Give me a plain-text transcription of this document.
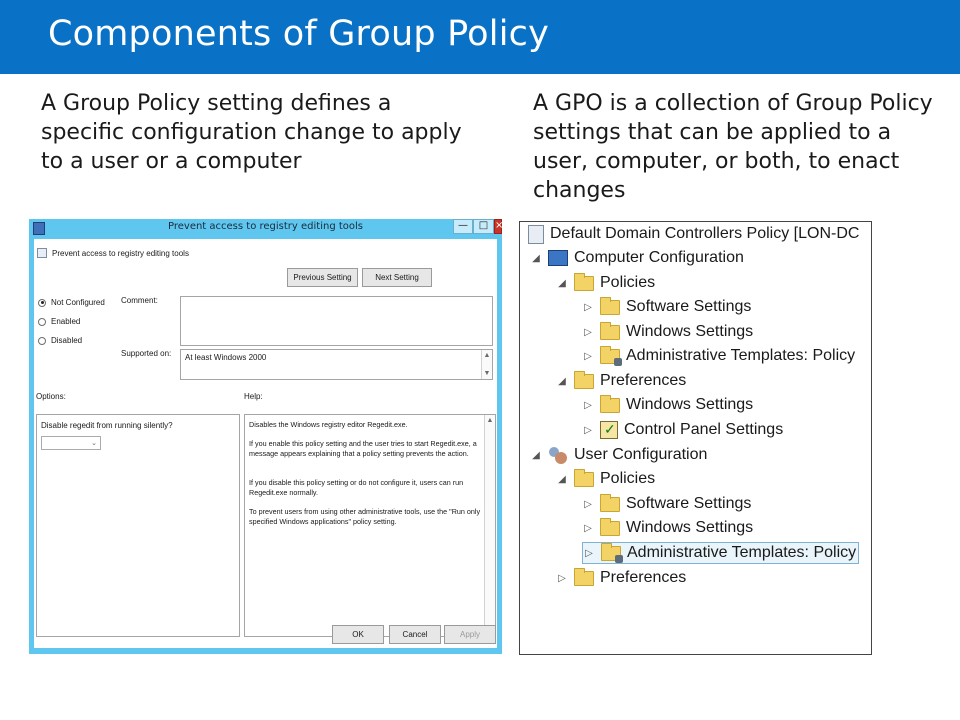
Components of Group Policy
A Group Policy setting defines a specific configuration change to apply to a user or a computer
A GPO is a collection of Group Policy settings that can be applied to a user, computer, or both, to enact changes
Prevent access to registry editing tools	—	□ ×
Prevent access to registry editing tools
Previous Setting	Next Setting
Not Configured
Enabled
Disabled
Comment:
Supported on: At least Windows 2000	▲
▼
Options:	Help:
Disable regedit from running silently?
⌄
Disables the Windows registry editor Regedit.exe.
If you enable this policy setting and the user tries to start Regedit.exe, a message appears explaining that a policy setting prevents the action.
If you disable this policy setting or do not configure it, users can run Regedit.exe normally.
To prevent users from using other administrative tools, use the "Run only specified Windows applications" policy setting.
▲
OK	Cancel	Apply
Default Domain Controllers Policy [LON-DC
◢ Computer Configuration
◢ Policies
▷ Software Settings
▷ Windows Settings
▷ Administrative Templates: Policy
◢ Preferences
▷ Windows Settings
▷
✓ Control Panel Settings
◢ User Configuration
◢ Policies
▷ Software Settings
▷ Windows Settings
▷ Administrative Templates: Policy
▷ Preferences
